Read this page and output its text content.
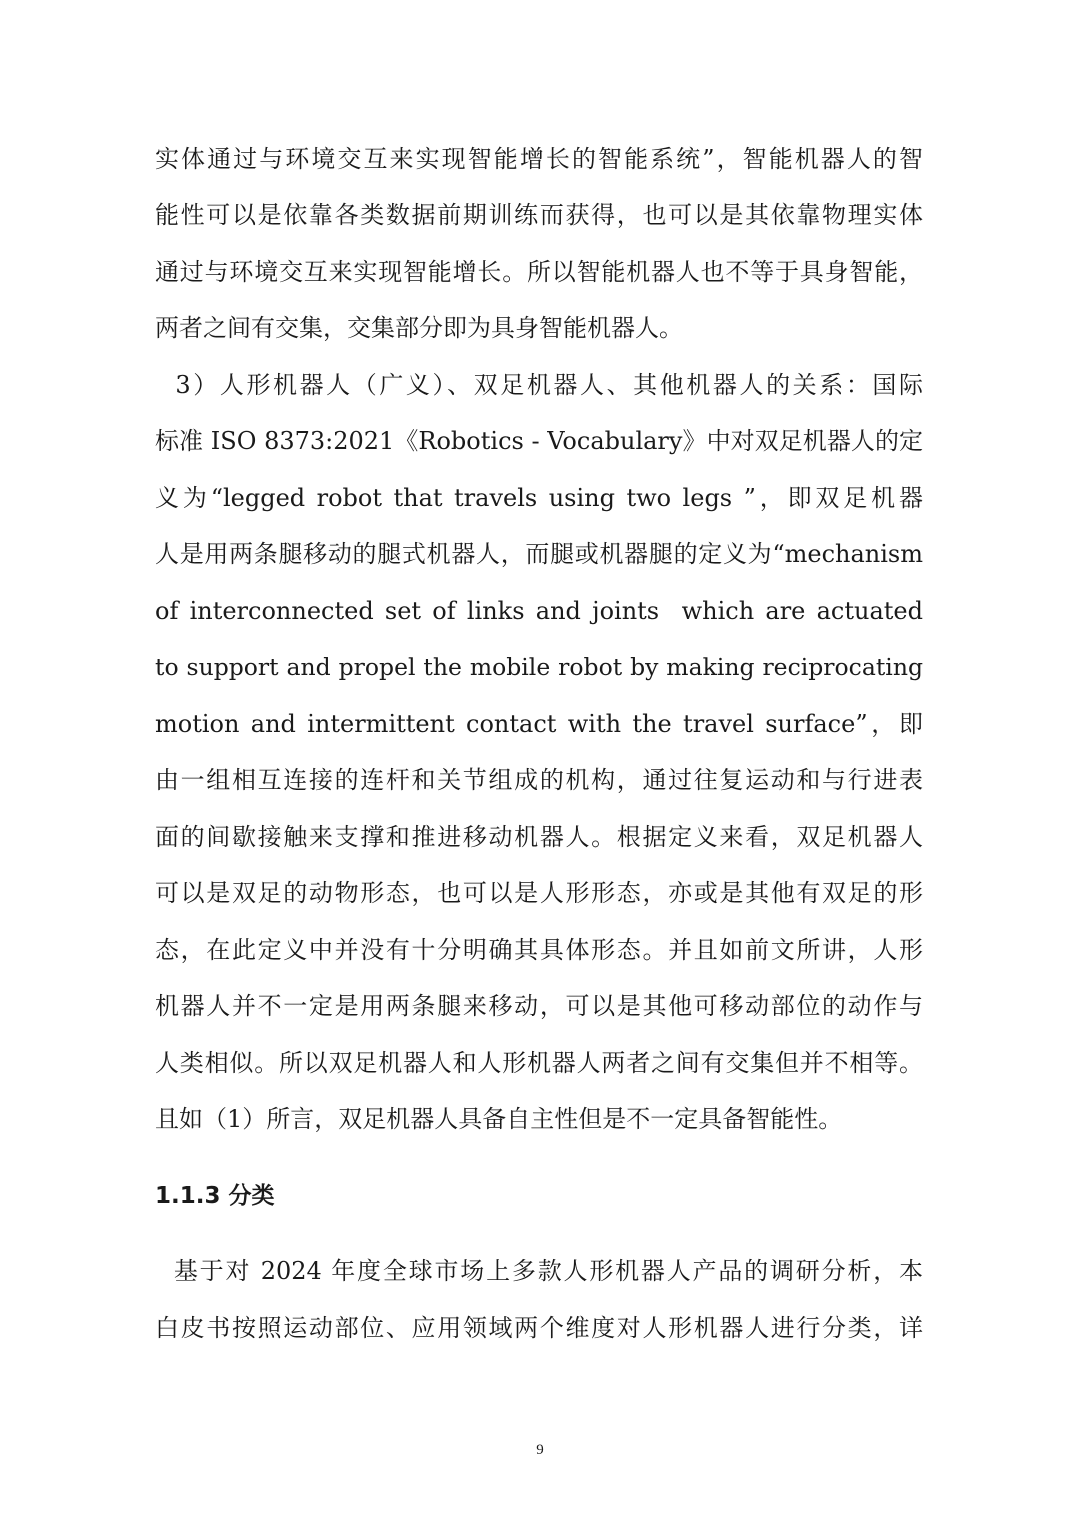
实体通过与环境交互来实现智能增长的智能系统”，智能机器人的智
能性可以是依靠各类数据前期训练而获得，也可以是其依靠物理实体
通过与环境交互来实现智能增长。所以智能机器人也不等于具身智能，
两者之间有交集，交集部分即为具身智能机器人。
3）人形机器人（广义）、双足机器人、其他机器人的关系：国际
标准 ISO 8373:2021《Robotics - Vocabulary》中对双足机器人的定
义为“legged robot that travels using two legs ”，即双足机器
人是用两条腿移动的腿式机器人，而腿或机器腿的定义为“mechanism
of interconnected set of links and joints  which are actuated
to support and propel the mobile robot by making reciprocating
motion and intermittent contact with the travel surface”，即
由一组相互连接的连杆和关节组成的机构，通过往复运动和与行进表
面的间歇接触来支撑和推进移动机器人。根据定义来看，双足机器人
可以是双足的动物形态，也可以是人形形态，亦或是其他有双足的形
态，在此定义中并没有十分明确其具体形态。并且如前文所讲，人形
机器人并不一定是用两条腿来移动，可以是其他可移动部位的动作与
人类相似。所以双足机器人和人形机器人两者之间有交集但并不相等。
且如（1）所言，双足机器人具备自主性但是不一定具备智能性。
1.1.3 分类
基于对 2024 年度全球市场上多款人形机器人产品的调研分析，本
白皮书按照运动部位、应用领域两个维度对人形机器人进行分类，详
9
